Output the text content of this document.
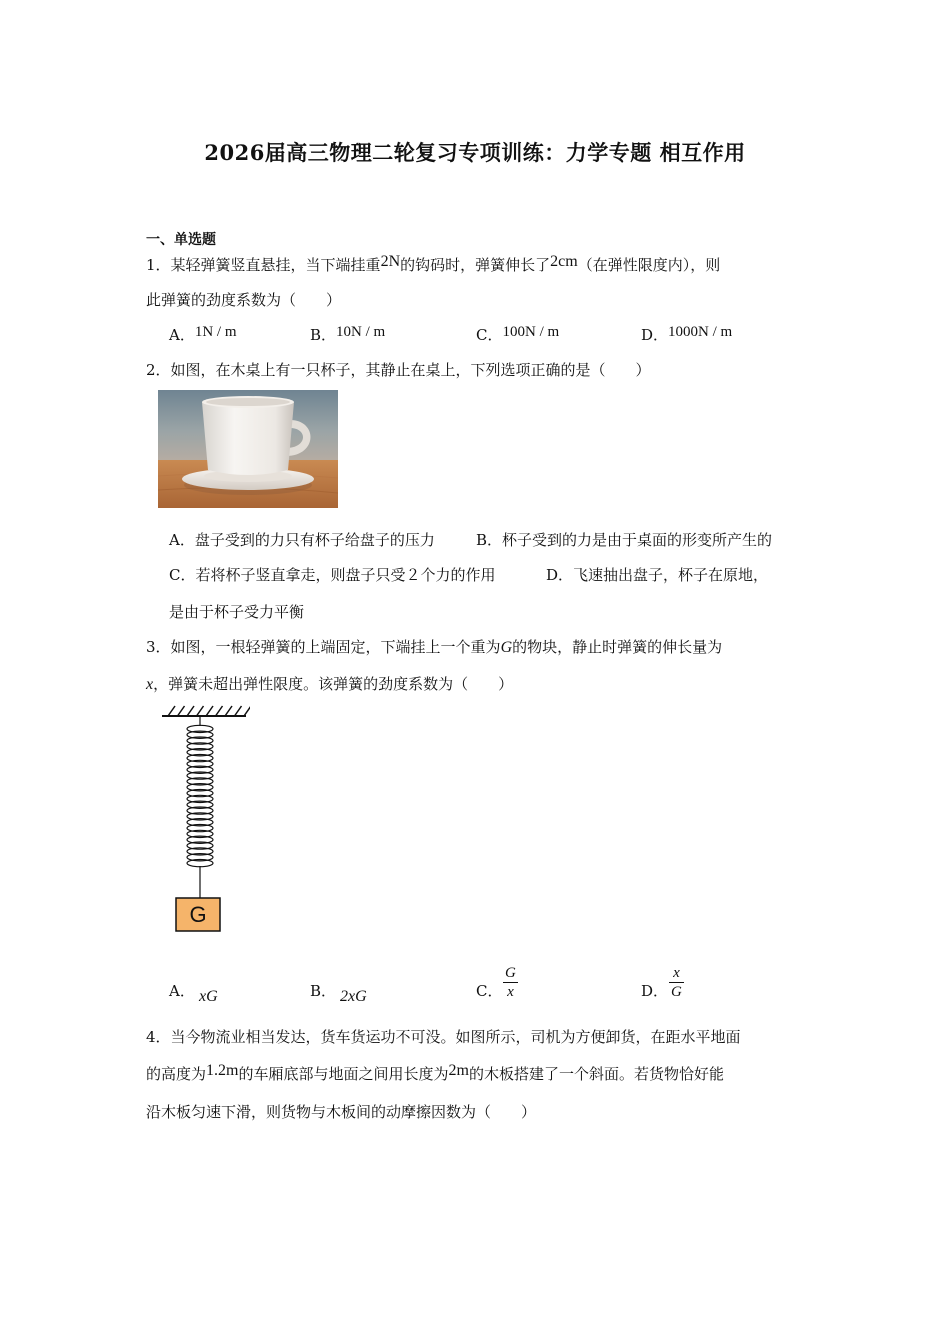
2026届高三物理二轮复习专项训练：力学专题 相互作用
一、单选题
1．某轻弹簧竖直悬挂，当下端挂重2N的钩码时，弹簧伸长了2cm（在弹性限度内），则
此弹簧的劲度系数为（　　）
A．1N / m	B．10N / m	C．100N / m	D．1000N / m
2．如图，在木桌上有一只杯子，其静止在桌上，下列选项正确的是（　　）
A．盘子受到的力只有杯子给盘子的压力	B．杯子受到的力是由于桌面的形变所产生的
C．若将杯子竖直拿走，则盘子只受２个力的作用	D．飞速抽出盘子，杯子在原地，
是由于杯子受力平衡
3．如图，一根轻弹簧的上端固定，下端挂上一个重为G的物块，静止时弹簧的伸长量为
x，弹簧未超出弹性限度。该弹簧的劲度系数为（　　）
G
A． xG	B． 2xG	C． $\frac{G}{x}$	D． $\frac{x}{G}$
4．当今物流业相当发达，货车货运功不可没。如图所示，司机为方便卸货，在距水平地面
的高度为1.2m的车厢底部与地面之间用长度为2m的木板搭建了一个斜面。若货物恰好能
沿木板匀速下滑，则货物与木板间的动摩擦因数为（　　）
